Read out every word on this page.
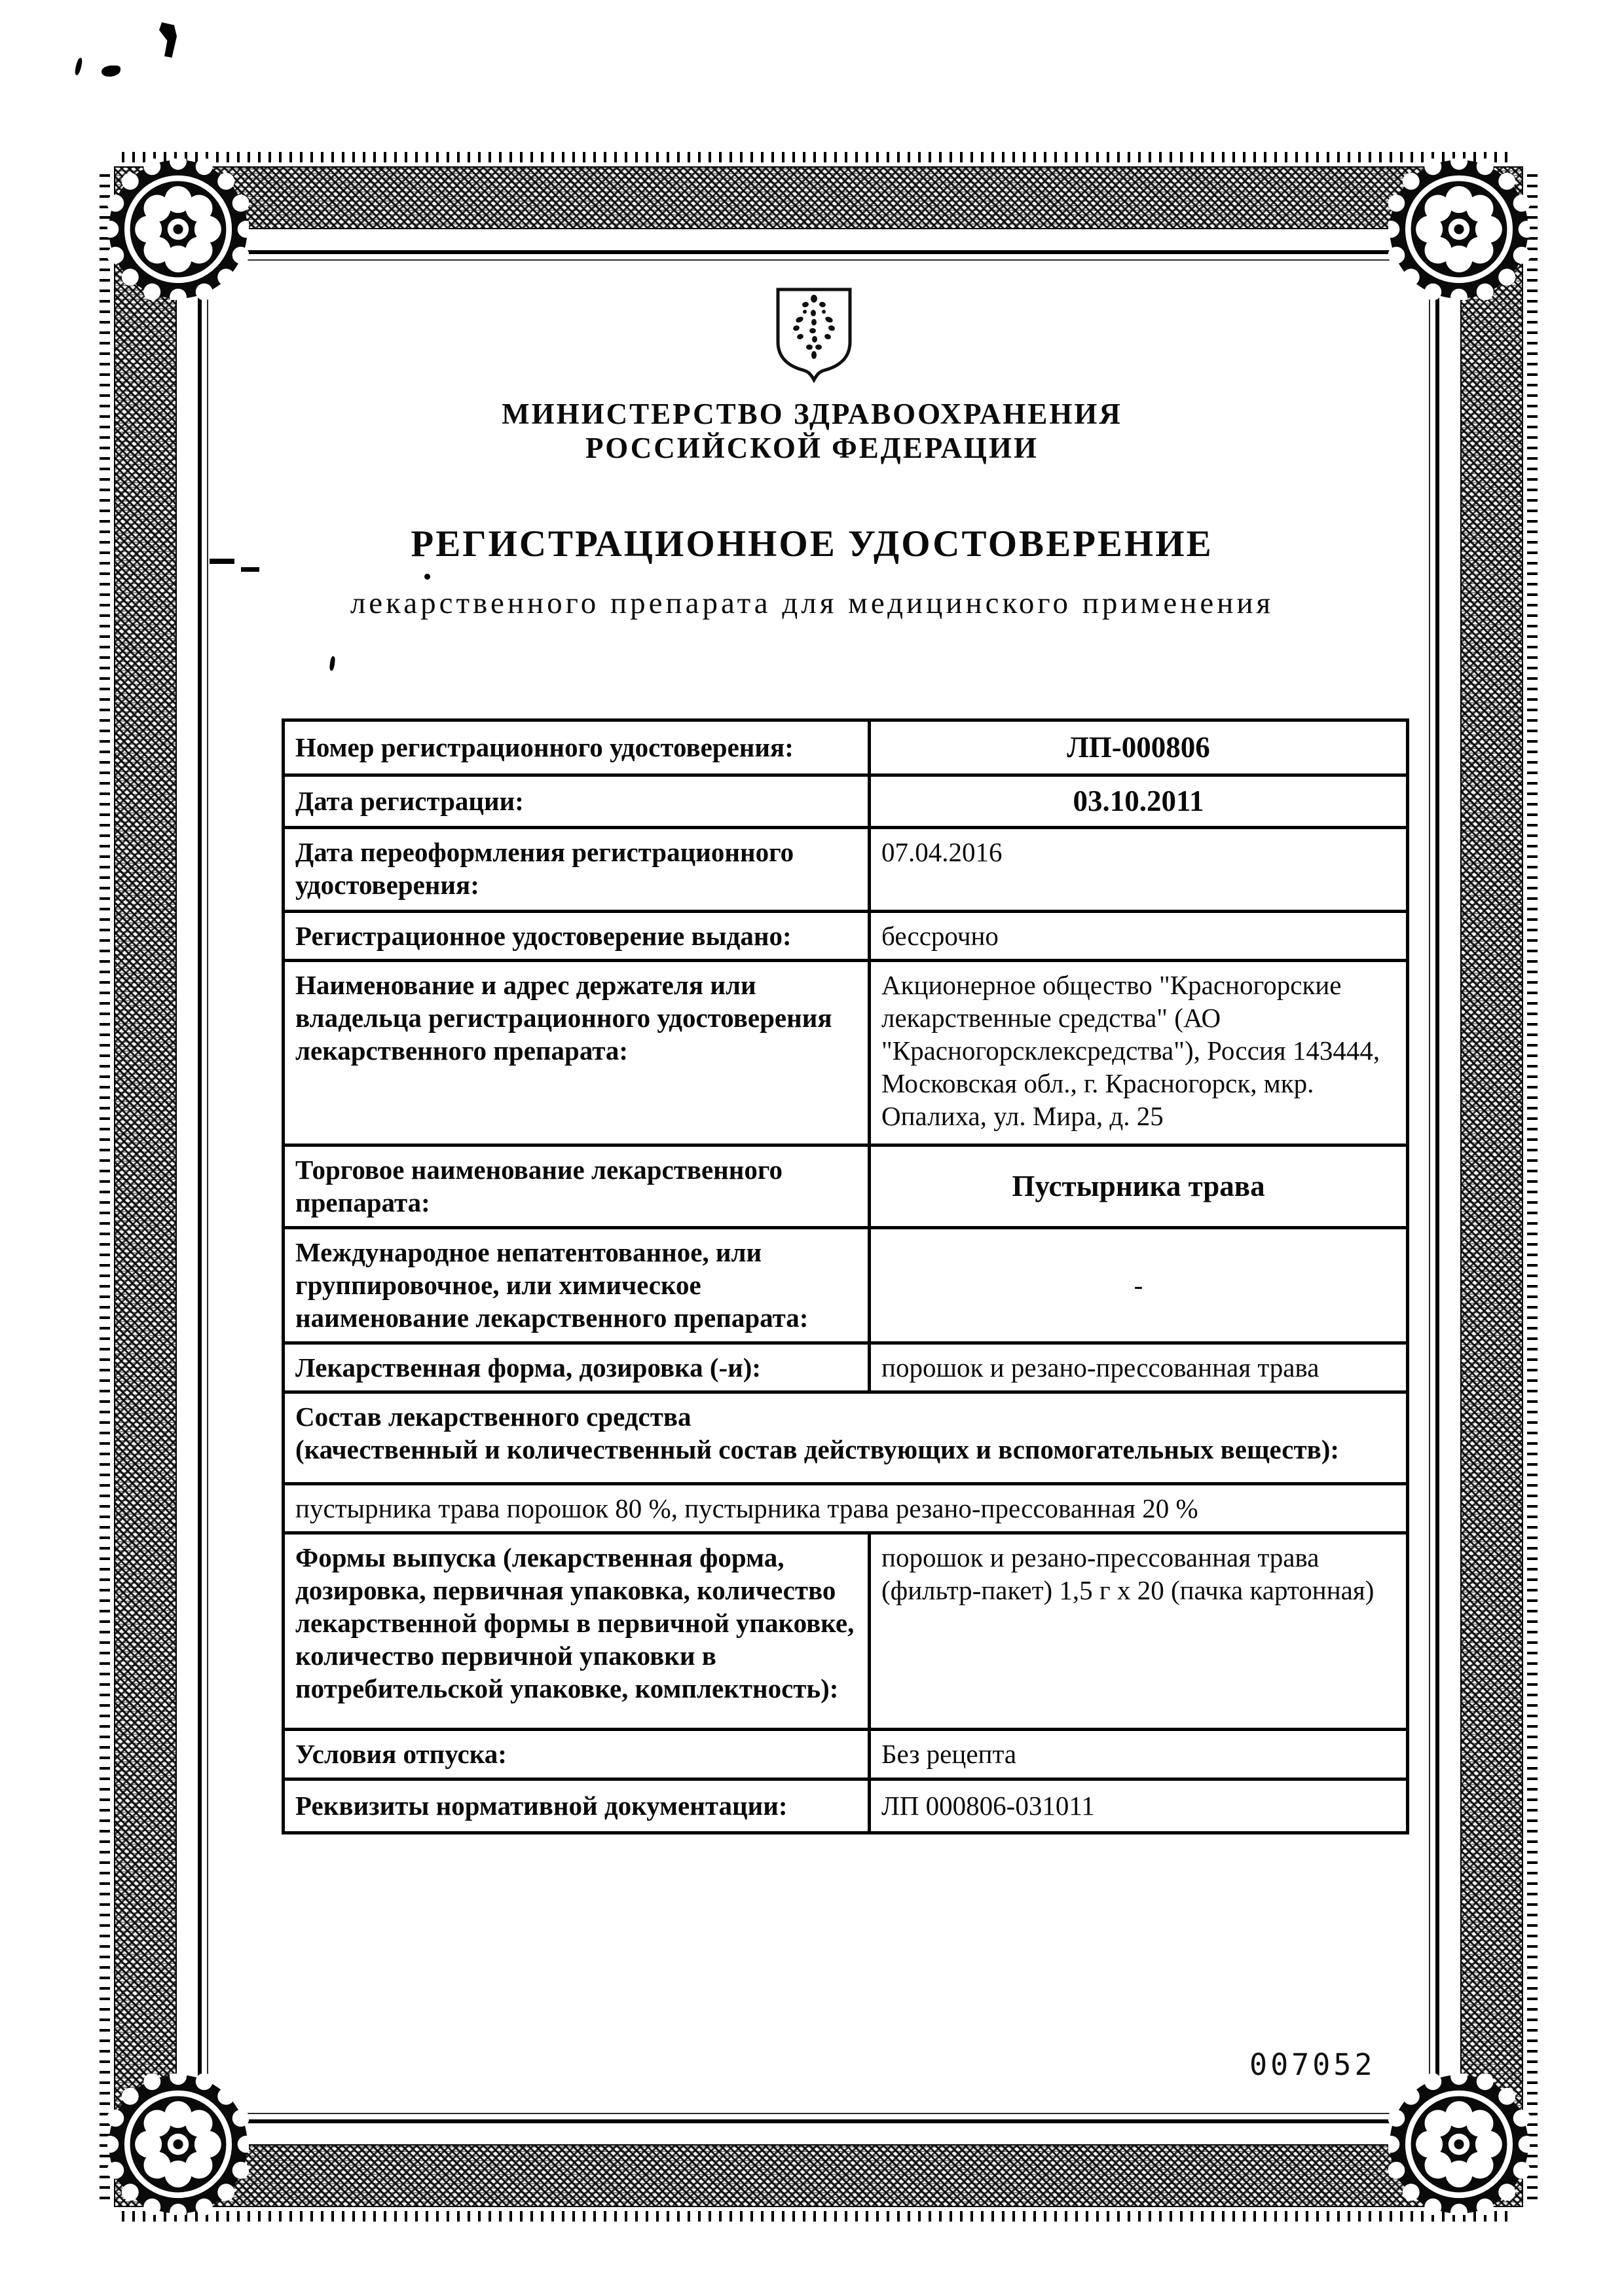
МИНИСТЕРСТВО ЗДРАВООХРАНЕНИЯ
РОССИЙСКОЙ ФЕДЕРАЦИИ
РЕГИСТРАЦИОННОЕ УДОСТОВЕРЕНИЕ
лекарственного препарата для медицинского применения
Номер регистрационного удостоверения:	ЛП-000806
Дата регистрации:	03.10.2011
Дата переоформления регистрационного удостоверения:	07.04.2016
Регистрационное удостоверение выдано:	бессрочно
Наименование и адрес держателя или владельца регистрационного удостоверения лекарственного препарата:	Акционерное общество "Красногорские лекарственные средства" (АО "Красногорсклексредства"), Россия 143444, Московская обл., г. Красногорск, мкр. Опалиха, ул. Мира, д. 25
Торговое наименование лекарственного препарата:	Пустырника трава
Международное непатентованное, или группировочное, или химическое наименование лекарственного препарата:	-
Лекарственная форма, дозировка (-и):	порошок и резано-прессованная трава

Состав лекарственного средства
(качественный и количественный состав действующих и вспомогательных веществ):	

пустырника трава порошок 80 %, пустырника трава резано-прессованная 20 %	
Формы выпуска (лекарственная форма, дозировка, первичная упаковка, количество лекарственной формы в первичной упаковке, количество первичной упаковки в потребительской упаковке, комплектность):	порошок и резано-прессованная трава (фильтр-пакет) 1,5 г х 20 (пачка картонная)
Условия отпуска:	Без рецепта
Реквизиты нормативной документации:	ЛП 000806-031011
007052
